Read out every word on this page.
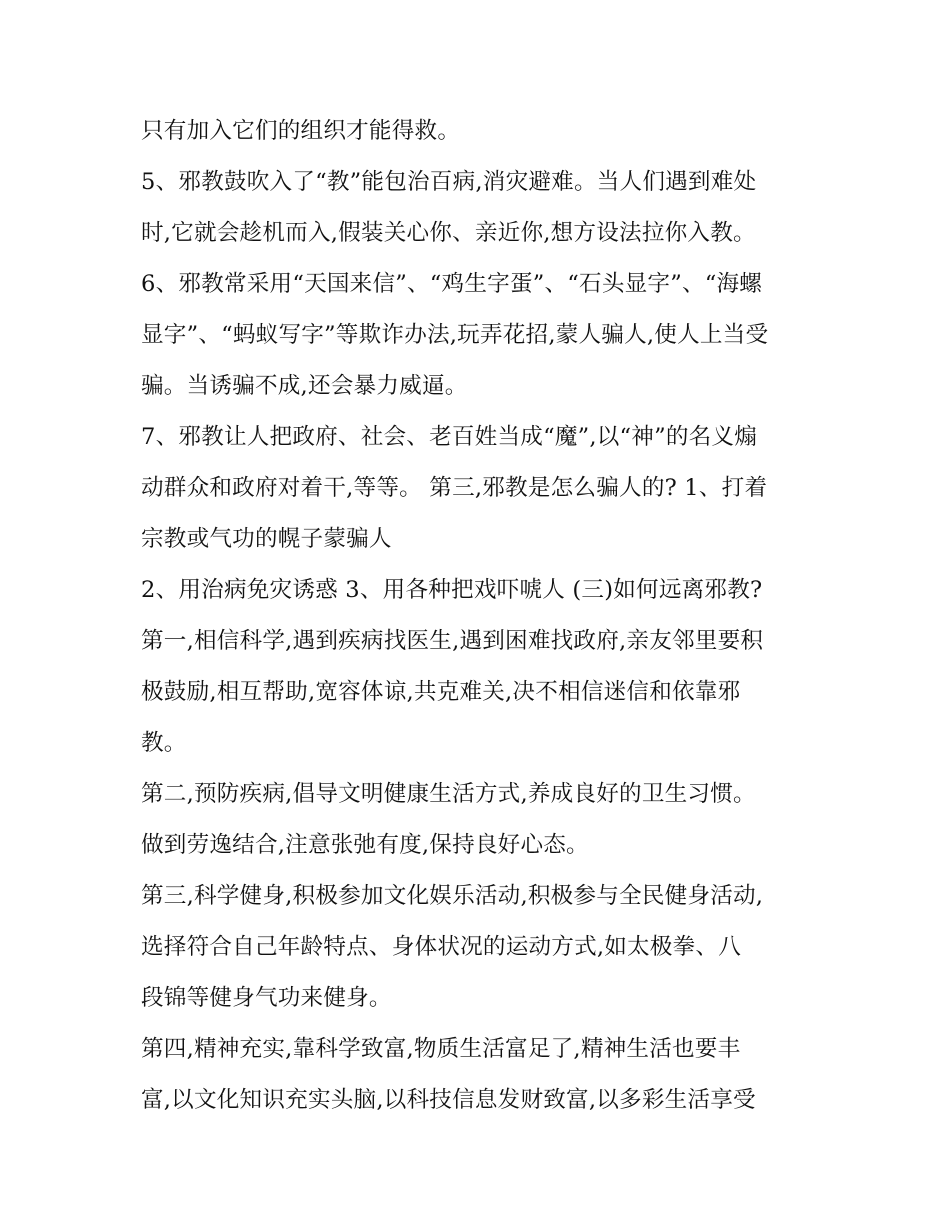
只有加入它们的组织才能得救。
5、邪教鼓吹入了“教”能包治百病,消灾避难。当人们遇到难处
时,它就会趁机而入,假装关心你、亲近你,想方设法拉你入教。
6、邪教常采用“天国来信”、“鸡生字蛋”、“石头显字”、“海螺
显字”、“蚂蚁写字”等欺诈办法,玩弄花招,蒙人骗人,使人上当受
骗。当诱骗不成,还会暴力威逼。
7、邪教让人把政府、社会、老百姓当成“魔”,以“神”的名义煽
动群众和政府对着干,等等。 第三,邪教是怎么骗人的? 1、打着
宗教或气功的幌子蒙骗人
2、用治病免灾诱惑 3、用各种把戏吓唬人 (三)如何远离邪教?
第一,相信科学,遇到疾病找医生,遇到困难找政府,亲友邻里要积
极鼓励,相互帮助,宽容体谅,共克难关,决不相信迷信和依靠邪
教。
第二,预防疾病,倡导文明健康生活方式,养成良好的卫生习惯。
做到劳逸结合,注意张弛有度,保持良好心态。
第三,科学健身,积极参加文化娱乐活动,积极参与全民健身活动,
选择符合自己年龄特点、身体状况的运动方式,如太极拳、八
段锦等健身气功来健身。
第四,精神充实,靠科学致富,物质生活富足了,精神生活也要丰
富,以文化知识充实头脑,以科技信息发财致富,以多彩生活享受
